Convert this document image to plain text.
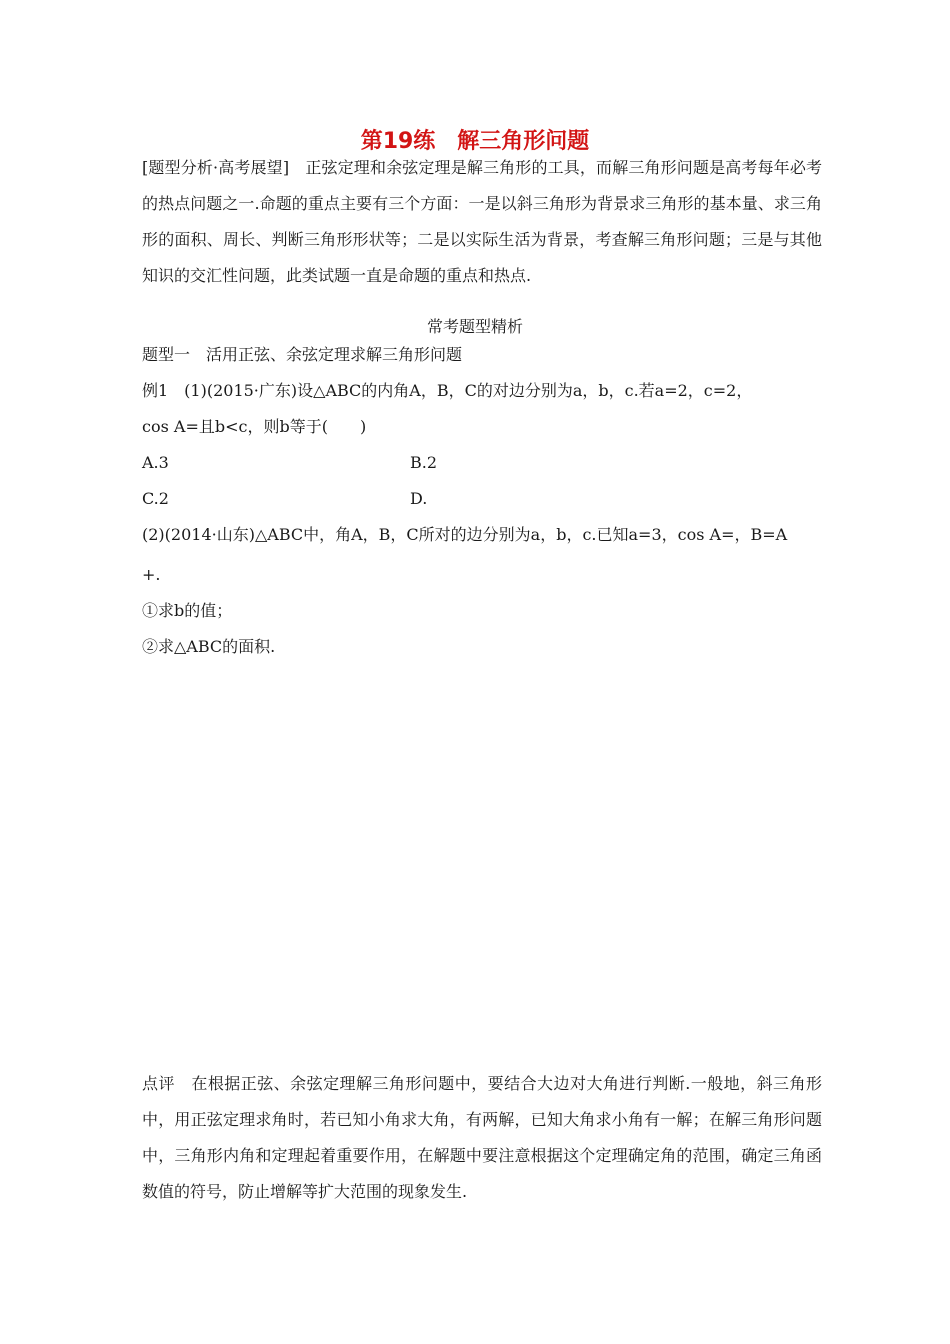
第19练　解三角形问题
[题型分析·高考展望]　正弦定理和余弦定理是解三角形的工具，而解三角形问题是高考每年必考的热点问题之一.命题的重点主要有三个方面：一是以斜三角形为背景求三角形的基本量、求三角形的面积、周长、判断三角形形状等；二是以实际生活为背景，考查解三角形问题；三是与其他知识的交汇性问题，此类试题一直是命题的重点和热点.
常考题型精析
题型一　活用正弦、余弦定理求解三角形问题
例1　(1)(2015·广东)设△ABC的内角A，B，C的对边分别为a，b，c.若a=2，c=2，
cos A=且b<c，则b等于(　　)
A.3	B.2
C.2	D.
(2)(2014·山东)△ABC中，角A，B，C所对的边分别为a，b，c.已知a=3，cos A=，B=A
+.
①求b的值；
②求△ABC的面积.
点评　在根据正弦、余弦定理解三角形问题中，要结合大边对大角进行判断.一般地，斜三角形中，用正弦定理求角时，若已知小角求大角，有两解，已知大角求小角有一解；在解三角形问题中，三角形内角和定理起着重要作用，在解题中要注意根据这个定理确定角的范围，确定三角函数值的符号，防止增解等扩大范围的现象发生.
